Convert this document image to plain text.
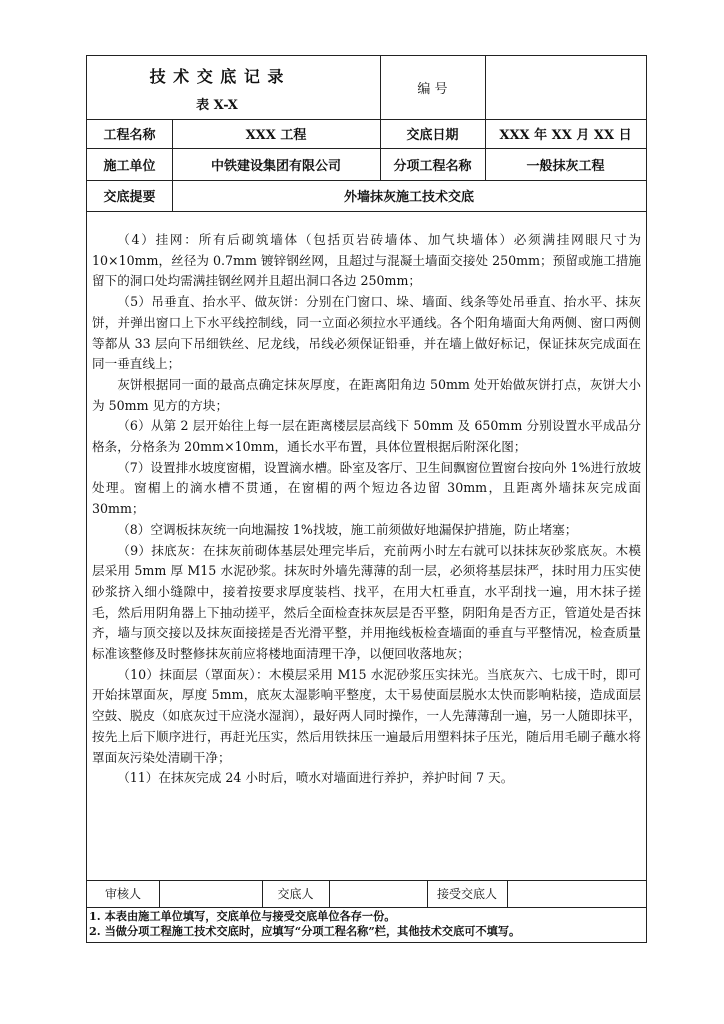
技 术 交 底 记 录
表 X-X
编 号
工程名称	XXX 工程	交底日期	XXX 年 XX 月 XX 日
施工单位	中铁建设集团有限公司	分项工程名称	一般抹灰工程
交底提要	外墙抹灰施工技术交底

（4）挂网：所有后砌筑墙体（包括页岩砖墙体、加气块墙体）必须满挂网眼尺寸为 10×10mm，丝径为 0.7mm 镀锌钢丝网，且超过与混凝土墙面交接处 250mm；预留或施工措施留下的洞口处均需满挂钢丝网并且超出洞口各边 250mm；

（5）吊垂直、抬水平、做灰饼：分别在门窗口、垛、墙面、线条等处吊垂直、抬水平、抹灰饼，并弹出窗口上下水平线控制线，同一立面必须拉水平通线。各个阳角墙面大角两侧、窗口两侧等都从 33 层向下吊细铁丝、尼龙线，吊线必须保证铅垂，并在墙上做好标记，保证抹灰完成面在同一垂直线上；

灰饼根据同一面的最高点确定抹灰厚度，在距离阳角边 50mm 处开始做灰饼打点，灰饼大小为 50mm 见方的方块；

（6）从第 2 层开始往上每一层在距离楼层层高线下 50mm 及 650mm 分别设置水平成品分格条，分格条为 20mm×10mm，通长水平布置，具体位置根据后附深化图；

（7）设置排水坡度窗楣，设置滴水槽。卧室及客厅、卫生间飘窗位置窗台按向外 1%进行放坡处理。窗楣上的滴水槽不贯通，在窗楣的两个短边各边留 30mm，且距离外墙抹灰完成面 30mm；

（8）空调板抹灰统一向地漏按 1%找坡，施工前须做好地漏保护措施，防止堵塞；

（9）抹底灰：在抹灰前砌体基层处理完毕后，充前两小时左右就可以抹抹灰砂浆底灰。木模层采用 5mm 厚 M15 水泥砂浆。抹灰时外墙先薄薄的刮一层，必须将基层抹严，抹时用力压实使砂浆挤入细小缝隙中，接着按要求厚度装档、找平，在用大杠垂直，水平刮找一遍，用木抹子搓毛，然后用阴角器上下抽动搓平，然后全面检查抹灰层是否平整，阴阳角是否方正，管道处是否抹齐，墙与顶交接以及抹灰面接搓是否光滑平整，并用拖线板检查墙面的垂直与平整情况，检查质量标准该整修及时整修抹灰前应将楼地面清理干净，以便回收落地灰；

（10）抹面层（罩面灰）：木模层采用 M15 水泥砂浆压实抹光。当底灰六、七成干时，即可开始抹罩面灰，厚度 5mm，底灰太湿影响平整度，太干易使面层脱水太快而影响粘接，造成面层空鼓、脱皮（如底灰过干应浇水湿润），最好两人同时操作，一人先薄薄刮一遍，另一人随即抹平，按先上后下顺序进行，再赶光压实，然后用铁抹压一遍最后用塑料抹子压光，随后用毛刷子蘸水将罩面灰污染处清刷干净；

（11）在抹灰完成 24 小时后，喷水对墙面进行养护，养护时间 7 天。

审核人	交底人	接受交底人
1. 本表由施工单位填写，交底单位与接受交底单位各存一份。
2. 当做分项工程施工技术交底时，应填写“分项工程名称”栏，其他技术交底可不填写。
